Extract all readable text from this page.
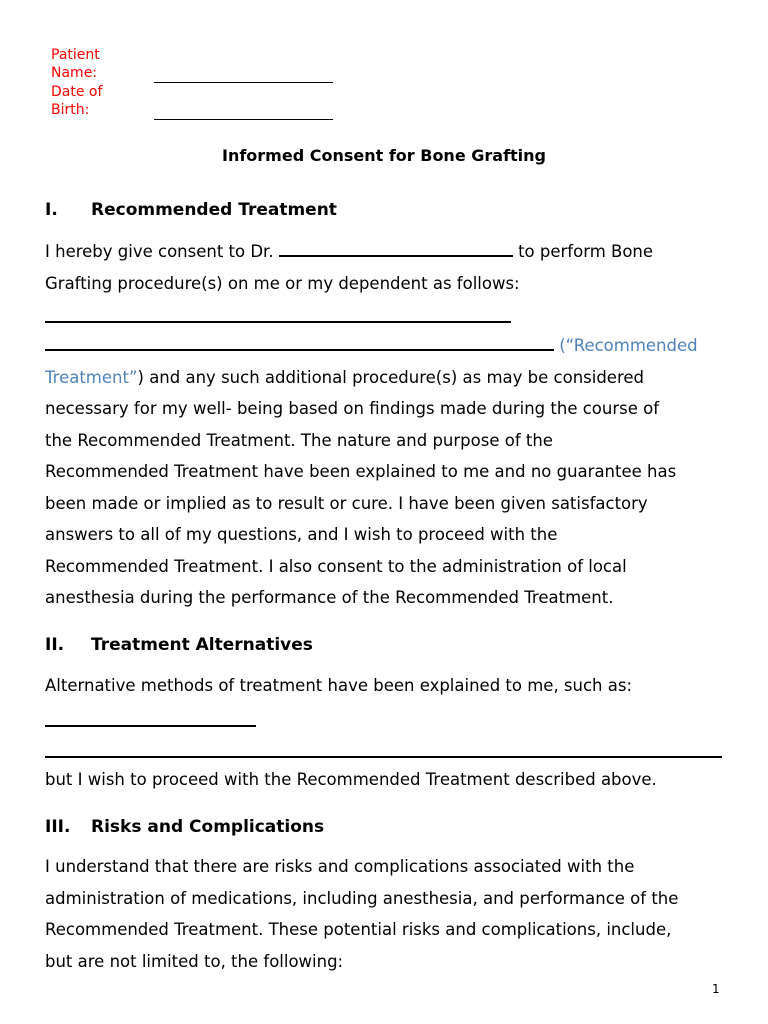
Patient
Name:
Date of
Birth:
Informed Consent for Bone Grafting
I. Recommended Treatment
I hereby give consent to Dr.	to perform Bone
Grafting procedure(s) on me or my dependent as follows:
(“Recommended
Treatment”) and any such additional procedure(s) as may be considered
necessary for my well- being based on findings made during the course of
the Recommended Treatment. The nature and purpose of the
Recommended Treatment have been explained to me and no guarantee has
been made or implied as to result or cure. I have been given satisfactory
answers to all of my questions, and I wish to proceed with the
Recommended Treatment. I also consent to the administration of local
anesthesia during the performance of the Recommended Treatment.
II. Treatment Alternatives
Alternative methods of treatment have been explained to me, such as:
but I wish to proceed with the Recommended Treatment described above.
III. Risks and Complications
I understand that there are risks and complications associated with the
administration of medications, including anesthesia, and performance of the
Recommended Treatment. These potential risks and complications, include,
but are not limited to, the following:
1
